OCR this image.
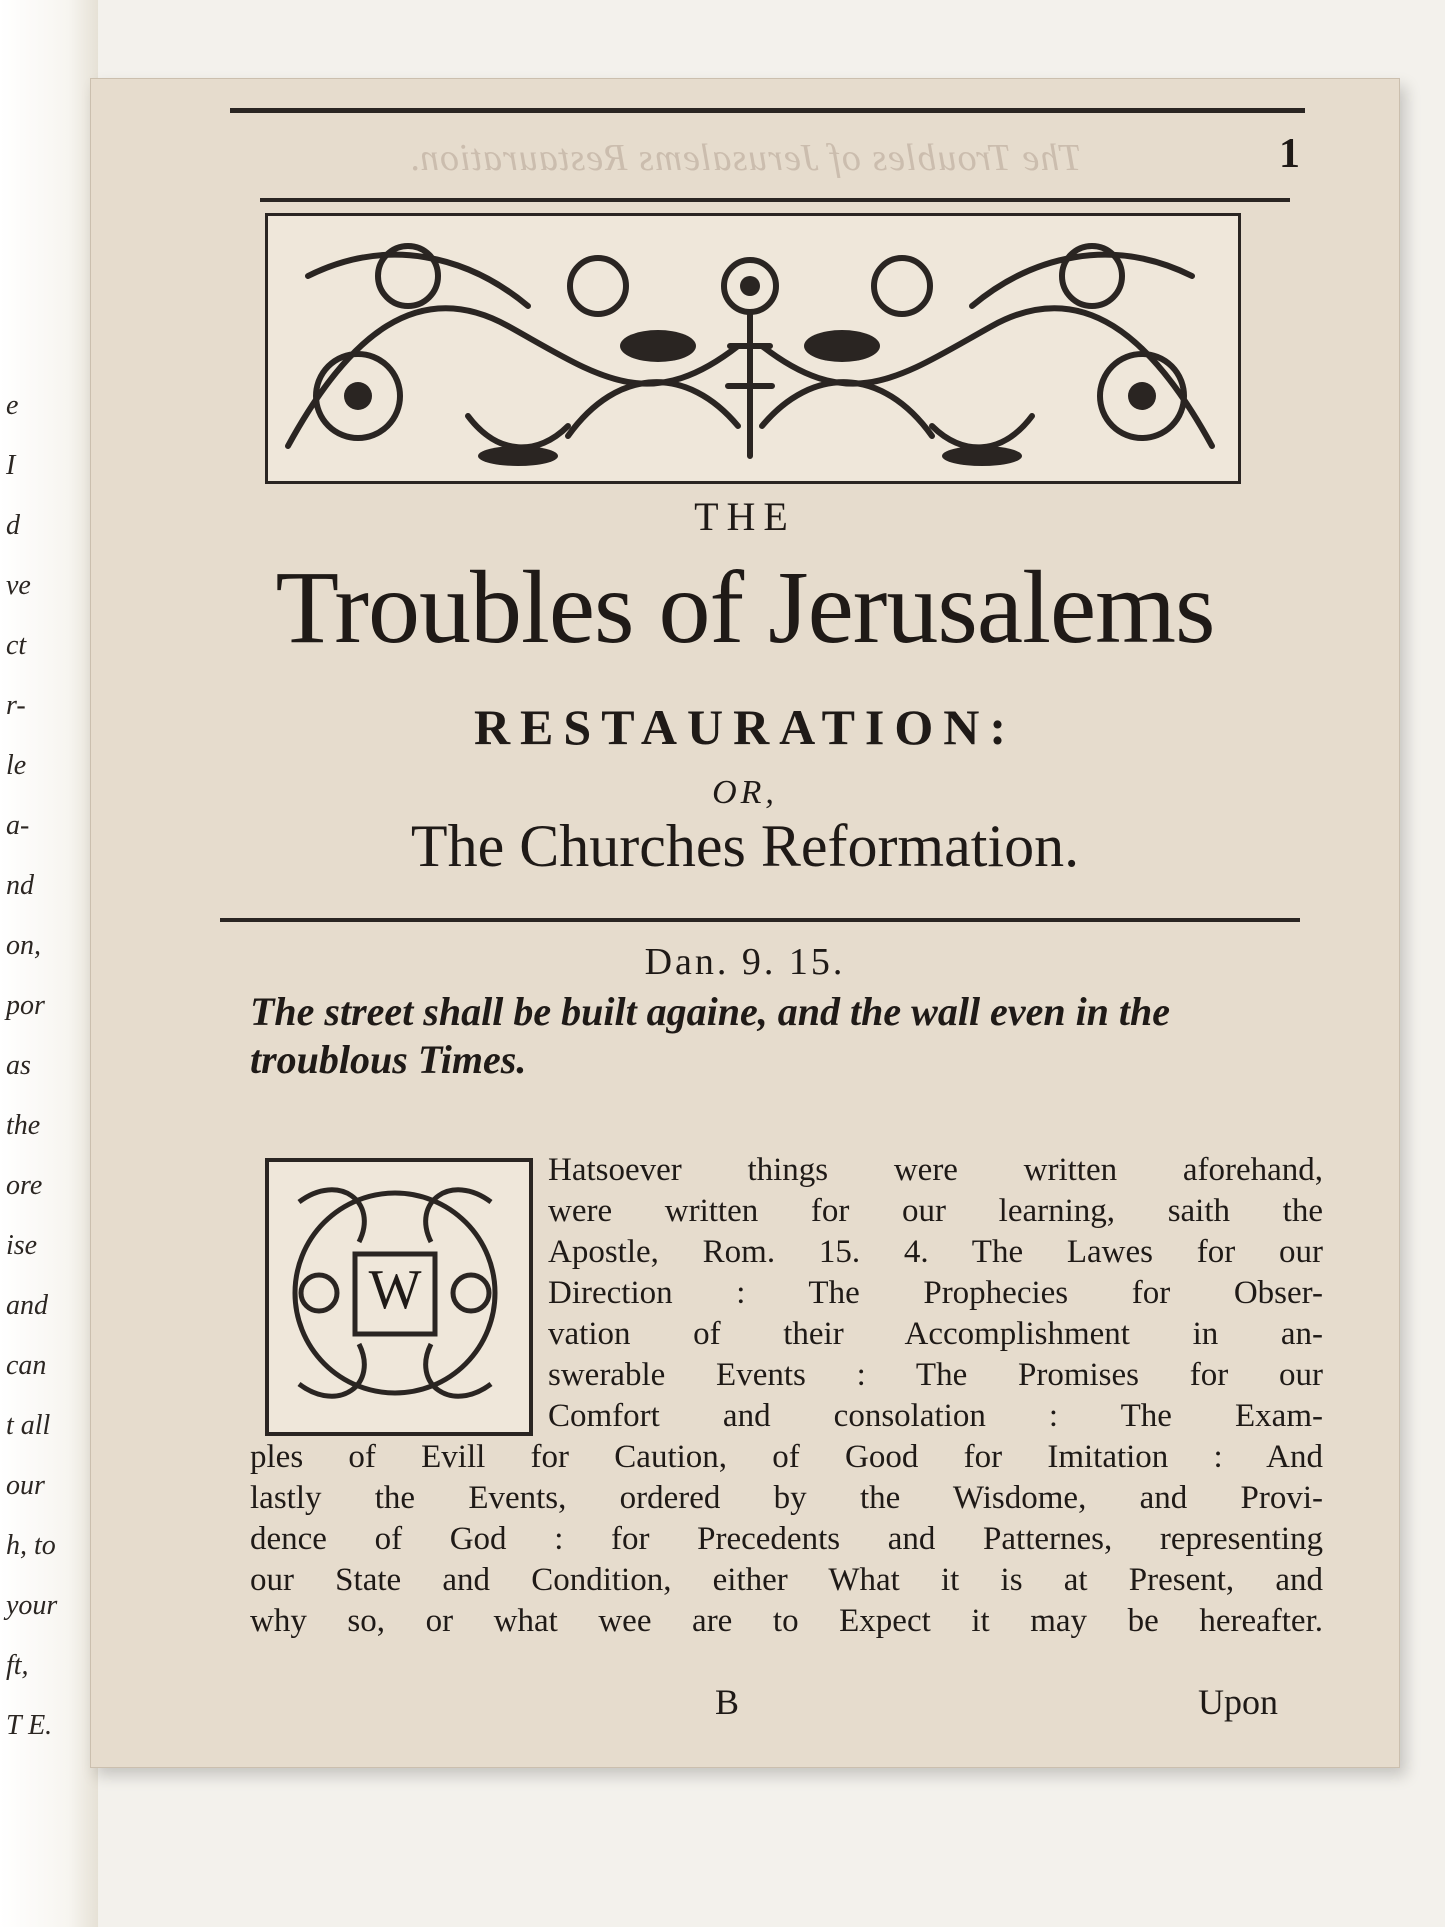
e
I
d
ve
ct
r-
le
a-
nd
on,
por
as
the
ore
ise
and
can
t all
our
h, to
your
ft,
T E.
The Troubles of Jerusalems Restauration.	1
THE
Troubles of Jerusalems
RESTAURATION:
OR,
The Churches Reformation.
Dan. 9. 15.
The street shall be built againe, and the wall even in the troublous Times.
W
Hatsoever things were written aforehand,
were written for our learning, saith the
Apostle, Rom. 15. 4. The Lawes for our
Direction : The Prophecies for Obser-
vation of their Accomplishment in an-
swerable Events : The Promises for our
Comfort and consolation : The Exam-
ples of Evill for Caution, of Good for Imitation : And
lastly the Events, ordered by the Wisdome, and Provi-
dence of God : for Precedents and Patternes, representing
our State and Condition, either What it is at Present, and
why so, or what wee are to Expect it may be hereafter.
B	Upon
